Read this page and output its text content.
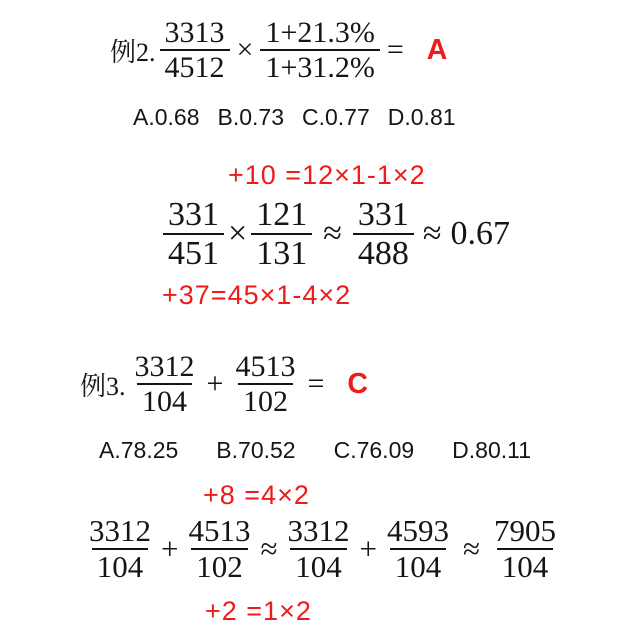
例2. $\frac{3313}{4512} \times \frac{1+21.3\%}{1+31.2\%} = A$
A.0.68 B.0.73 C.0.77 D.0.81
+10 =12×1-1×2
$\frac{331}{451} \times \frac{121}{131} \approx \frac{331}{488} \approx 0.67$
+37=45×1-4×2
例3. $\frac{3312}{104} + \frac{4513}{102} = C$
A.78.25 B.70.52 C.76.09 D.80.11
+8 =4×2
$\frac{3312}{104} + \frac{4513}{102} \approx \frac{3312}{104} + \frac{4593}{104} \approx \frac{7905}{104}$
+2 =1×2
